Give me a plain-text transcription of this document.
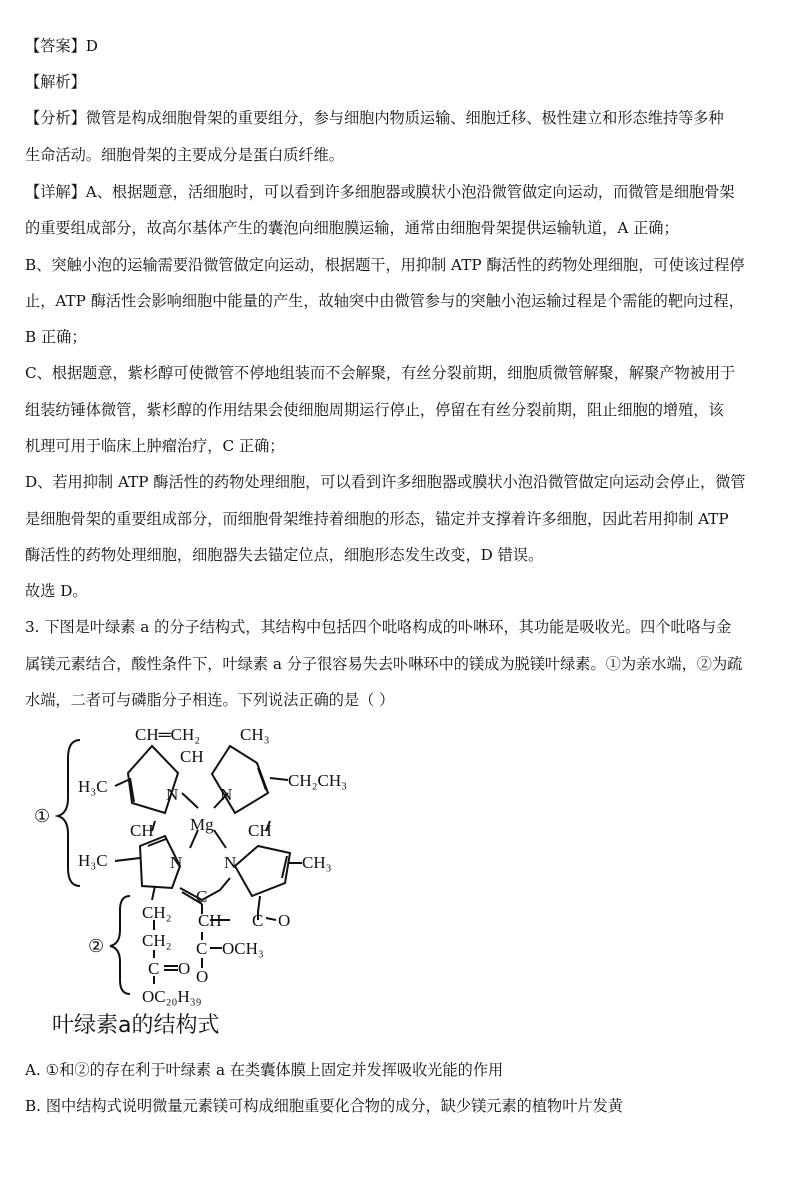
【答案】D
【解析】
【分析】微管是构成细胞骨架的重要组分，参与细胞内物质运输、细胞迁移、极性建立和形态维持等多种
生命活动。细胞骨架的主要成分是蛋白质纤维。
【详解】A、根据题意，活细胞时，可以看到许多细胞器或膜状小泡沿微管做定向运动，而微管是细胞骨架
的重要组成部分，故高尔基体产生的囊泡向细胞膜运输，通常由细胞骨架提供运输轨道，A 正确；
B、突触小泡的运输需要沿微管做定向运动，根据题干，用抑制 ATP 酶活性的药物处理细胞，可使该过程停
止，ATP 酶活性会影响细胞中能量的产生，故轴突中由微管参与的突触小泡运输过程是个需能的靶向过程，
B 正确；
C、根据题意，紫杉醇可使微管不停地组装而不会解聚，有丝分裂前期，细胞质微管解聚，解聚产物被用于
组装纺锤体微管，紫杉醇的作用结果会使细胞周期运行停止，停留在有丝分裂前期，阻止细胞的增殖，该
机理可用于临床上肿瘤治疗，C 正确；
D、若用抑制 ATP 酶活性的药物处理细胞，可以看到许多细胞器或膜状小泡沿微管做定向运动会停止，微管
是细胞骨架的重要组成部分，而细胞骨架维持着细胞的形态，锚定并支撑着许多细胞，因此若用抑制 ATP
酶活性的药物处理细胞，细胞器失去锚定位点，细胞形态发生改变，D 错误。
故选 D。
3. 下图是叶绿素 a 的分子结构式，其结构中包括四个吡咯构成的卟啉环，其功能是吸收光。四个吡咯与金
属镁元素结合，酸性条件下，叶绿素 a 分子很容易失去卟啉环中的镁成为脱镁叶绿素。①为亲水端，②为疏
水端，二者可与磷脂分子相连。下列说法正确的是（ ）
CH═CH₂
CH
CH₃
H₃C	CH₂CH₃
N N
Mg
CH	CH
H₃C	N N	CH₃
C
CH₂ CH C O
CH₂ C OCH₃
C O O
OC₂₀H₃₉
①
②
叶绿素a的结构式
A. ①和②的存在利于叶绿素 a 在类囊体膜上固定并发挥吸收光能的作用
B. 图中结构式说明微量元素镁可构成细胞重要化合物的成分，缺少镁元素的植物叶片发黄
